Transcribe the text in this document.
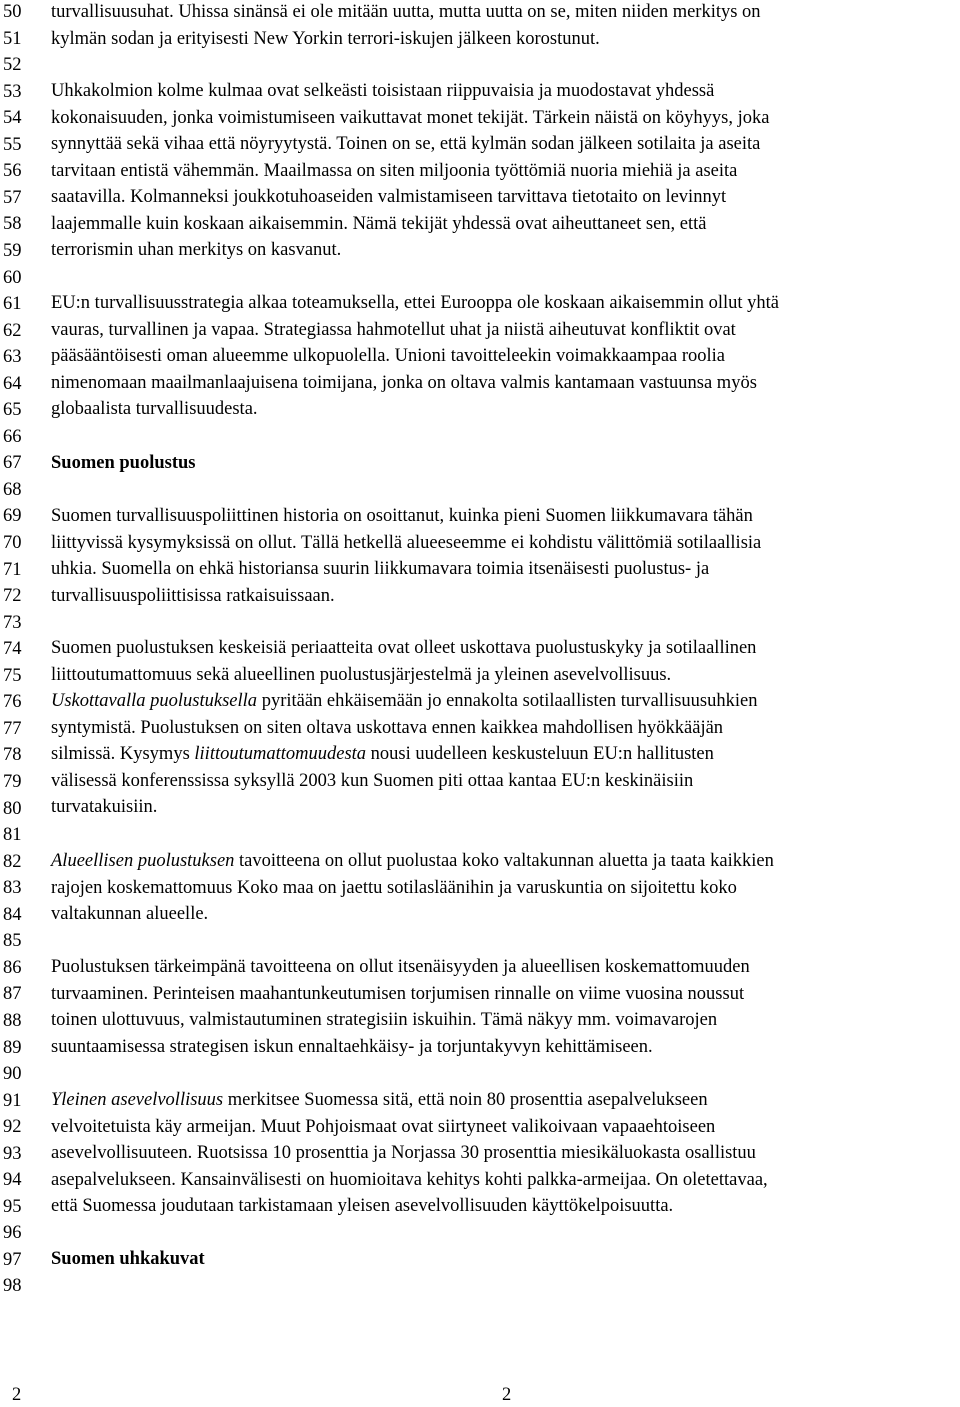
50
51
52
53
54
55
56
57
58
59
60
61
62
63
64
65
66
67
68
69
70
71
72
73
74
75
76
77
78
79
80
81
82
83
84
85
86
87
88
89
90
91
92
93
94
95
96
97
98

turvallisuusuhat. Uhissa sinänsä ei ole mitään uutta, mutta uutta on se, miten niiden merkitys on
kylmän sodan ja erityisesti New Yorkin terrori-iskujen jälkeen korostunut.

Uhkakolmion kolme kulmaa ovat selkeästi toisistaan riippuvaisia ja muodostavat yhdessä
kokonaisuuden, jonka voimistumiseen vaikuttavat monet tekijät. Tärkein näistä on köyhyys, joka
synnyttää sekä vihaa että nöyryytystä. Toinen on se, että kylmän sodan jälkeen sotilaita ja aseita
tarvitaan entistä vähemmän. Maailmassa on siten miljoonia työttömiä nuoria miehiä ja aseita
saatavilla. Kolmanneksi joukkotuhoaseiden valmistamiseen tarvittava tietotaito on levinnyt
laajemmalle kuin koskaan aikaisemmin. Nämä tekijät yhdessä ovat aiheuttaneet sen, että
terrorismin uhan merkitys on kasvanut.

EU:n turvallisuusstrategia alkaa toteamuksella, ettei Eurooppa ole koskaan aikaisemmin ollut yhtä
vauras, turvallinen ja vapaa. Strategiassa hahmotellut uhat ja niistä aiheutuvat konfliktit ovat
pääsääntöisesti oman alueemme ulkopuolella. Unioni tavoitteleekin voimakkaampaa roolia
nimenomaan maailmanlaajuisena toimijana, jonka on oltava valmis kantamaan vastuunsa myös
globaalista turvallisuudesta.

Suomen puolustus

Suomen turvallisuuspoliittinen historia on osoittanut, kuinka pieni Suomen liikkumavara tähän
liittyvissä kysymyksissä on ollut. Tällä hetkellä alueeseemme ei kohdistu välittömiä sotilaallisia
uhkia. Suomella on ehkä historiansa suurin liikkumavara toimia itsenäisesti puolustus- ja
turvallisuuspoliittisissa ratkaisuissaan.

Suomen puolustuksen keskeisiä periaatteita ovat olleet uskottava puolustuskyky ja sotilaallinen
liittoutumattomuus sekä alueellinen puolustusjärjestelmä ja yleinen asevelvollisuus.
Uskottavalla puolustuksella pyritään ehkäisemään jo ennakolta sotilaallisten turvallisuusuhkien
syntymistä. Puolustuksen on siten oltava uskottava ennen kaikkea mahdollisen hyökkääjän
silmissä. Kysymys liittoutumattomuudesta nousi uudelleen keskusteluun EU:n hallitusten
välisessä konferenssissa syksyllä 2003 kun Suomen piti ottaa kantaa EU:n keskinäisiin
turvatakuisiin.

Alueellisen puolustuksen tavoitteena on ollut puolustaa koko valtakunnan aluetta ja taata kaikkien
rajojen koskemattomuus Koko maa on jaettu sotilasläänihin ja varuskuntia on sijoitettu koko
valtakunnan alueelle.

Puolustuksen tärkeimpänä tavoitteena on ollut itsenäisyyden ja alueellisen koskemattomuuden
turvaaminen. Perinteisen maahantunkeutumisen torjumisen rinnalle on viime vuosina noussut
toinen ulottuvuus, valmistautuminen strategisiin iskuihin. Tämä näkyy mm. voimavarojen
suuntaamisessa strategisen iskun ennaltaehkäisy- ja torjuntakyvyn kehittämiseen.

Yleinen asevelvollisuus merkitsee Suomessa sitä, että noin 80 prosenttia asepalvelukseen
velvoitetuista käy armeijan. Muut Pohjoismaat ovat siirtyneet valikoivaan vapaaehtoiseen
asevelvollisuuteen. Ruotsissa 10 prosenttia ja Norjassa 30 prosenttia miesikäluokasta osallistuu
asepalvelukseen. Kansainvälisesti on huomioitava kehitys kohti palkka-armeijaa. On oletettavaa,
että Suomessa joudutaan tarkistamaan yleisen asevelvollisuuden käyttökelpoisuutta.

Suomen uhkakuvat
2	2
